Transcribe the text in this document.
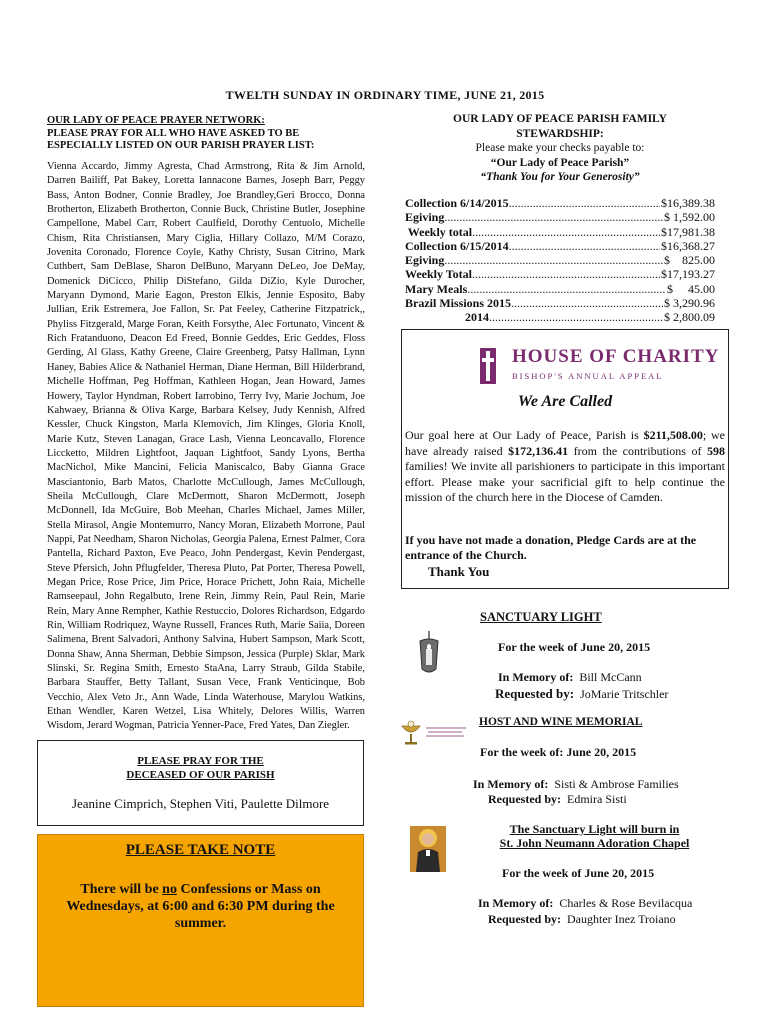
TWELTH SUNDAY IN ORDINARY TIME, JUNE 21, 2015
OUR LADY OF PEACE PRAYER NETWORK:
PLEASE PRAY FOR ALL WHO HAVE ASKED TO BE ESPECIALLY LISTED ON OUR PARISH PRAYER LIST:
Vienna Accardo, Jimmy Agresta, Chad Armstrong, Rita & Jim Arnold, Darren Bailiff, Pat Bakey, Loretta Iannacone Barnes, Joseph Barr, Peggy Bass, Anton Bodner, Connie Bradley, Joe Brandley,Geri Brocco, Donna Brotherton, Elizabeth Brotherton, Connie Buck, Christine Butler, Josephine Campellone, Mabel Carr, Robert Caulfield, Dorothy Centuolo, Michelle Chism, Rita Christiansen, Mary Ciglia, Hillary Collazo, M/M Corazo, Jovenita Coronado, Florence Coyle, Kathy Christy, Susan Citrino, Mark Cuthbert, Sam DeBlase, Sharon DelBuno, Maryann DeLeo, Joe DeMay, Domenick DiCicco, Philip DiStefano, Gilda DiZio, Kyle Durocher, Maryann Dymond, Marie Eagon, Preston Elkis, Jennie Esposito, Baby Jullian, Erik Estremera, Joe Fallon, Sr. Pat Feeley, Catherine Fitzpatrick,, Phyliss Fitzgerald, Marge Foran, Keith Forsythe, Alec Fortunato, Vincent & Rich Fratanduono, Deacon Ed Freed, Bonnie Geddes, Eric Geddes, Floss Gerding, Al Glass, Kathy Greene, Claire Greenberg, Patsy Hallman, Lynn Haney, Babies Alice & Nathaniel Herman, Diane Herman, Bill Hilderbrand, Michelle Hoffman, Peg Hoffman, Kathleen Hogan, Jean Howard, James Howery, Taylor Hyndman, Robert Iarrobino, Terry Ivy, Marie Jochum, Joe Kahwaey, Brianna & Oliva Karge, Barbara Kelsey, Judy Kennish, Alfred Kessler, Chuck Kingston, Marla Klemovich, Jim Klinges, Gloria Knoll, Marie Kutz, Steven Lanagan, Grace Lash, Vienna Leoncavallo, Florence Liccketto, Mildren Lightfoot, Jaquan Lightfoot, Sandy Lyons, Bertha MacNichol, Mike Mancini, Felicia Maniscalco, Baby Gianna Grace Masciantonio, Barb Matos, Charlotte McCullough, James McCullough, Sheila McCullough, Clare McDermott, Sharon McDermott, Joseph McDonnell, Ida McGuire, Bob Meehan, Charles Michael, James Miller, Stella Mirasol, Angie Montemurro, Nancy Moran, Elizabeth Morrone, Paul Nappi, Pat Needham, Sharon Nicholas, Georgia Palena, Ernest Palmer, Cora Pantella, Richard Paxton, Eve Peaco, John Pendergast, Kevin Pendergast, Steve Pfersich, John Pflugfelder, Theresa Pluto, Pat Porter, Theresa Powell, Megan Price, Rose Price, Jim Price, Horace Prichett, John Raia, Michelle Ramseepaul, John Regalbuto, Irene Rein, Jimmy Rein, Paul Rein, Marie Rein, Mary Anne Rempher, Kathie Restuccio, Dolores Richardson, Edgardo Rin, William Rodriquez, Wayne Russell, Frances Ruth, Marie Saiia, Doreen Salimena, Brent Salvadori, Anthony Salvina, Hubert Sampson, Mark Scott, Donna Shaw, Anna Sherman, Debbie Simpson, Jessica (Purple) Sklar, Mark Slinski, Sr. Regina Smith, Ernesto StaAna, Larry Straub, Gilda Stabile, Barbara Stauffer, Betty Tallant, Susan Vece, Frank Venticinque, Bob Vecchio, Alex Veto Jr., Ann Wade, Linda Waterhouse, Marylou Watkins, Ethan Wendler, Karen Wetzel, Lisa Whitely, Delores Willis, Warren Wisdom, Jerard Wogman, Patricia Yenner-Pace, Fred Yates, Dan Ziegler.
PLEASE PRAY FOR THE
DECEASED OF OUR PARISH
Jeanine Cimprich, Stephen Viti, Paulette Dilmore
PLEASE TAKE NOTE
There will be no Confessions or Mass on Wednesdays, at 6:00 and 6:30 PM during the summer.
OUR LADY OF PEACE PARISH FAMILY
STEWARDSHIP:
Please make your checks payable to:
“Our Lady of Peace Parish”
“Thank You for Your Generosity”
Collection 6/14/2015 .....	$16,389.38
Egiving .....	$ 1,592.00
Weekly total .....	$17,981.38
Collection 6/15/2014 .....	$16,368.27
Egiving .....	$    825.00
Weekly Total .....	$17,193.27
Mary Meals .....	$     45.00
Brazil Missions 2015 .....	$ 3,290.96
2014 .....	$ 2,800.09
HOUSE OF CHARITY
BISHOP'S ANNUAL APPEAL
We Are Called
Our goal here at Our Lady of Peace, Parish is $211,508.00; we have already raised $172,136.41 from the contributions of 598 families! We invite all parishioners to participate in this important effort. Please make your sacrificial gift to help continue the mission of the church here in the Diocese of Camden.
If you have not made a donation, Pledge Cards are at the entrance of the Church.
Thank You
SANCTUARY LIGHT
For the week of June 20, 2015
In Memory of: Bill McCann
Requested by: JoMarie Tritschler
HOST AND WINE MEMORIAL
For the week of: June 20, 2015
In Memory of: Sisti & Ambrose Families
Requested by: Edmira Sisti
The Sanctuary Light will burn in
St. John Neumann Adoration Chapel
For the week of June 20, 2015
In Memory of: Charles & Rose Bevilacqua
Requested by: Daughter Inez Troiano
